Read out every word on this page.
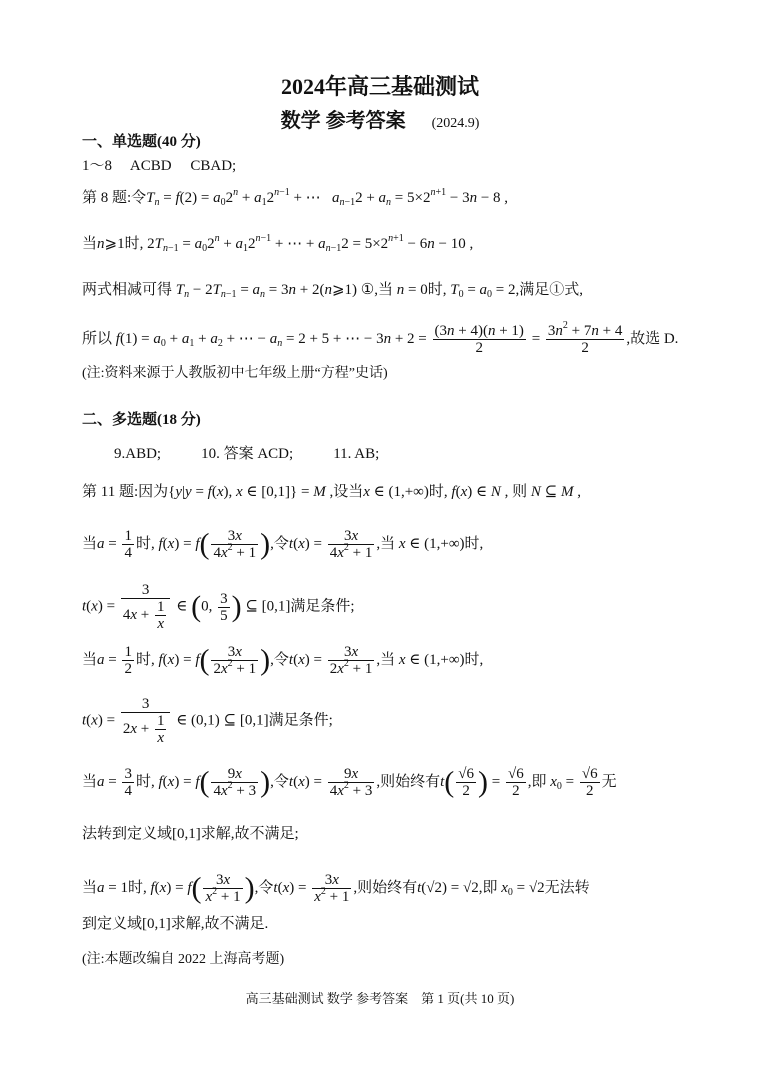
2024年高三基础测试
数学 参考答案 (2024.9)
一、单选题(40 分)
1～8　 ACBD　 CBAD;
第 8 题:令$T_n = f(2) = a_02^n + a_12^{n-1}$ + ⋯   $a_{n-1}2 + a_n = 5\times 2^{n+1} - 3n - 8$ ,
当n⩾1时, $2T_{n-1} = a_02^n + a_12^{n-1}$ + ⋯ + $a_{n-1}2 = 5\times 2^{n+1} - 6n - 10$ ,
两式相减可得 $T_n - 2T_{n-1} = a_n = 3n$ + 2(n⩾1) ①,当 n = 0时, $T_0 = a_0 = 2$,满足①式,
所以 $f(1) = a_0 + a_1 + a_2$ + ⋯ − $a_n = 2 + 5$ + ⋯ − $3n + 2 = \frac{(3n + 4)(n + 1)}{2} = \frac{3n^2 + 7n + 4}{2}$ ,故选 D.
(注:资料来源于人教版初中七年级上册“方程”史话)
二、多选题(18 分)
9.ABD;	10. 答案 ACD;	11. AB;
第 11 题:因为{y|y = f(x), x ∈ [0,1]} = M ,设当x ∈ (1,+∞)时, f(x) ∈ N , 则 N ⊆ M ,
当$a = \frac{1}{4}$ 时, $f(x) = f( \frac{3x}{4x^2 + 1}$ ),令$t(x) = \frac{3x}{4x^2 + 1}$ ,当 x ∈ (1,+∞)时,
$t(x) = \frac{3}{4x + \frac{1}{x}}$ ∈ (0, $\frac{3}{5}$ ) ⊆ [0,1]满足条件;
当$a = \frac{1}{2}$ 时, $f(x) = f( \frac{3x}{2x^2 + 1}$ ),令$t(x) = \frac{3x}{2x^2 + 1}$ ,当 x ∈ (1,+∞)时,
$t(x) = \frac{3}{2x + \frac{1}{x}}$ ∈ (0,1) ⊆ [0,1]满足条件;
当$a = \frac{3}{4}$ 时, $f(x) = f( \frac{9x}{4x^2 + 3}$ ),令$t(x) = \frac{9x}{4x^2 + 3}$ ,则始终有$t( \frac{√6}{2}$ ) = $\frac{√6}{2}$ ,即 $x_0 = \frac{√6}{2}$ 无
法转到定义域[0,1]求解,故不满足;
当a = 1时, $f(x) = f( \frac{3x}{x^2 + 1}$ ),令$t(x) = \frac{3x}{x^2 + 1}$ ,则始终有t(√2) = √2,即 $x_0 = √2$无法转
到定义域[0,1]求解,故不满足.
(注:本题改编自 2022 上海高考题)
高三基础测试 数学 参考答案　第 1 页(共 10 页)
